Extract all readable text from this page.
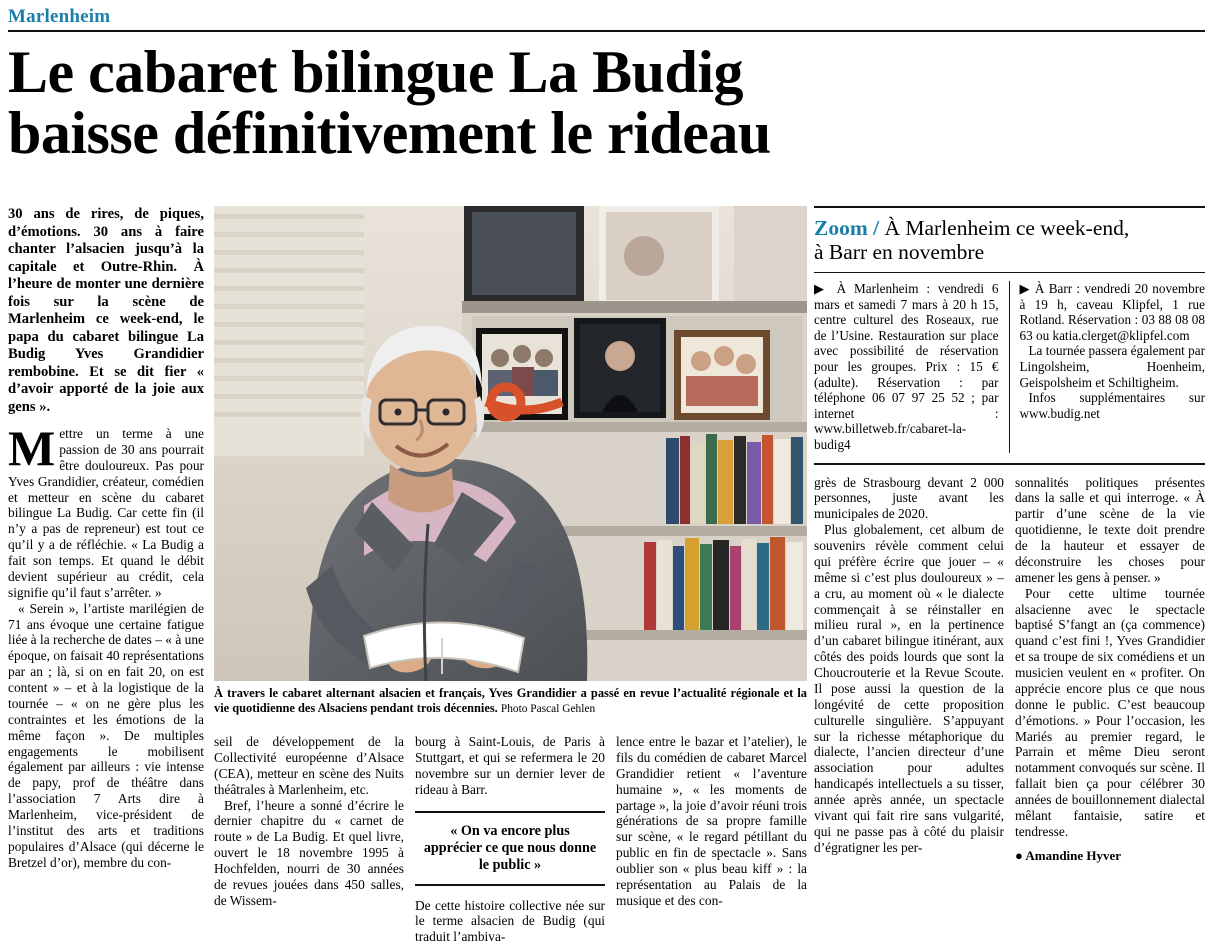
Marlenheim
Le cabaret bilingue La Budig
baisse définitivement le rideau
30 ans de rires, de piques, d’émotions. 30 ans à faire chanter l’alsacien jusqu’à la capitale et Outre-Rhin. À l’heure de monter une dernière fois sur la scène de Marlenheim ce week-end, le papa du cabaret bilingue La Budig Yves Grandidier rembobine. Et se dit fier « d’avoir apporté de la joie aux gens ».

Mettre un terme à une passion de 30 ans pourrait être douloureux. Pas pour Yves Grandidier, créateur, comédien et metteur en scène du cabaret bilingue La Budig. Car cette fin (il n’y a pas de repreneur) est tout ce qu’il y a de réfléchie. « La Budig a fait son temps. Et quand le débit devient supérieur au crédit, cela signifie qu’il faut s’arrêter. »

« Serein », l’artiste marilégien de 71 ans évoque une certaine fatigue liée à la recherche de dates – « à une époque, on faisait 40 représentations par an ; là, si on en fait 20, on est content » – et à la logistique de la tournée – « on ne gère plus les contraintes et les émotions de la même façon ». De multiples engagements le mobilisent également par ailleurs : vie intense de papy, prof de théâtre dans l’association 7 Arts dire à Marlenheim, vice-président de l’institut des arts et traditions populaires d’Alsace (qui décerne le Bretzel d’or), membre du con-

À travers le cabaret alternant alsacien et français, Yves Grandidier a passé en revue l’actualité régionale et la vie quotidienne des Alsaciens pendant trois décennies. Photo Pascal Gehlen
Zoom / À Marlenheim ce week-end,
à Barr en novembre

▶ À Marlenheim : vendredi 6 mars et samedi 7 mars à 20 h 15, centre culturel des Roseaux, rue de l’Usine. Restauration sur place avec possibilité de réservation pour les groupes. Prix : 15 € (adulte). Réservation : par téléphone 06 07 97 25 52 ; par internet : www.billetweb.fr/cabaret-la-budig4

▶ À Barr : vendredi 20 novembre à 19 h, caveau Klipfel, 1 rue Rotland. Réservation : 03 88 08 08 63 ou katia.clerget@klipfel.com

La tournée passera également par Lingolsheim, Hoenheim, Geispolsheim et Schiltigheim.

Infos supplémentaires sur www.budig.net

grès de Strasbourg devant 2 000 personnes, juste avant les municipales de 2020.

Plus globalement, cet album de souvenirs révèle comment celui qui préfère écrire que jouer – « même si c’est plus douloureux » – a cru, au moment où « le dialecte commençait à se réinstaller en milieu rural », en la pertinence d’un cabaret bilingue itinérant, aux côtés des poids lourds que sont la Choucrouterie et la Revue Scoute. Il pose aussi la question de la longévité de cette proposition culturelle singulière. S’appuyant sur la richesse métaphorique du dialecte, l’ancien directeur d’une association pour adultes handicapés intellectuels a su tisser, année après année, un spectacle vivant qui fait rire sans vulgarité, qui ne passe pas à côté du plaisir d’égratigner les per-

sonnalités politiques présentes dans la salle et qui interroge. « À partir d’une scène de la vie quotidienne, le texte doit prendre de la hauteur et essayer de déconstruire les choses pour amener les gens à penser. »

Pour cette ultime tournée alsacienne avec le spectacle baptisé S’fangt an (ça commence) quand c’est fini !, Yves Grandidier et sa troupe de six comédiens et un musicien veulent en « profiter. On apprécie encore plus ce que nous donne le public. C’est beaucoup d’émotions. » Pour l’occasion, les Mariés au premier regard, le Parrain et même Dieu seront notamment convoqués sur scène. Il fallait bien ça pour célébrer 30 années de bouillonnement dialectal mêlant fantaisie, satire et tendresse.

● Amandine Hyver

seil de développement de la Collectivité européenne d’Alsace (CEA), metteur en scène des Nuits théâtrales à Marlenheim, etc.

Bref, l’heure a sonné d’écrire le dernier chapitre du « carnet de route » de La Budig. Et quel livre, ouvert le 18 novembre 1995 à Hochfelden, nourri de 30 années de revues jouées dans 450 salles, de Wissem-

bourg à Saint-Louis, de Paris à Stuttgart, et qui se refermera le 20 novembre sur un dernier lever de rideau à Barr.

« On va encore plus apprécier ce que nous donne le public »

De cette histoire collective née sur le terme alsacien de Budig (qui traduit l’ambiva-

lence entre le bazar et l’atelier), le fils du comédien de cabaret Marcel Grandidier retient « l’aventure humaine », « les moments de partage », la joie d’avoir réuni trois générations de sa propre famille sur scène, « le regard pétillant du public en fin de spectacle ». Sans oublier son « plus beau kiff » : la représentation au Palais de la musique et des con-
